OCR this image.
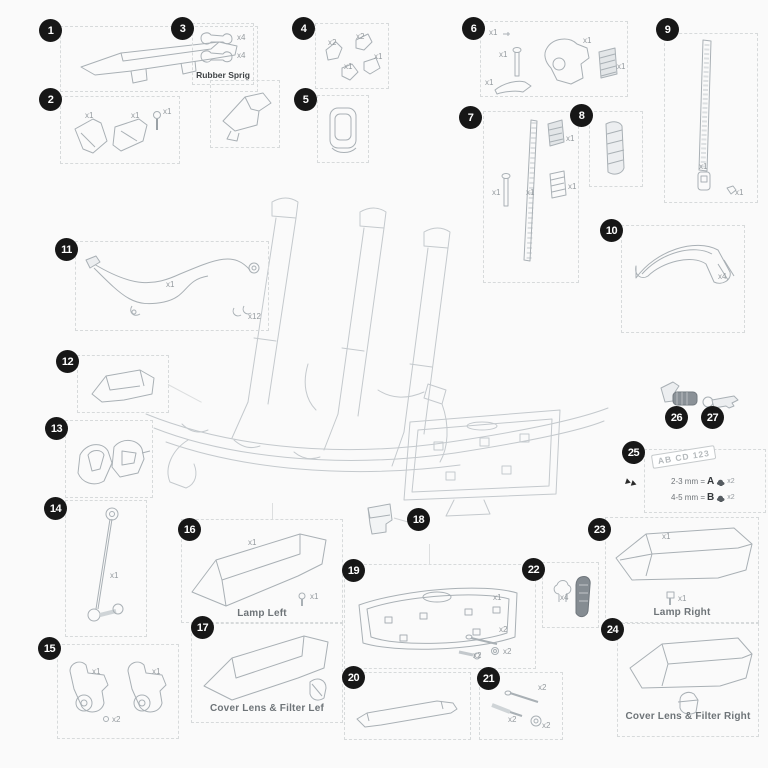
1
2
x1	x1	x1
3
x4
x4
Rubber Sprig
4
x2
x2
x1
x1
5
6	x1
x1
x1
x1
x1
7
x1	x1
x1
x1
8
9
x1
x1
10
x4
11
x1
x12
12
13
14
x1
15
x1	x1
x2
16
x1
x1
Lamp Left
17
Cover Lens & Filter Lef
18
19
x1
x2
x2	x2
20	21
x2
x2
x2
22
x4
23
x1
x1
Lamp Right
24
Cover Lens & Filter Right
25	AB CD 123
2-3 mm = A x2
4-5 mm = B x2
26	27
